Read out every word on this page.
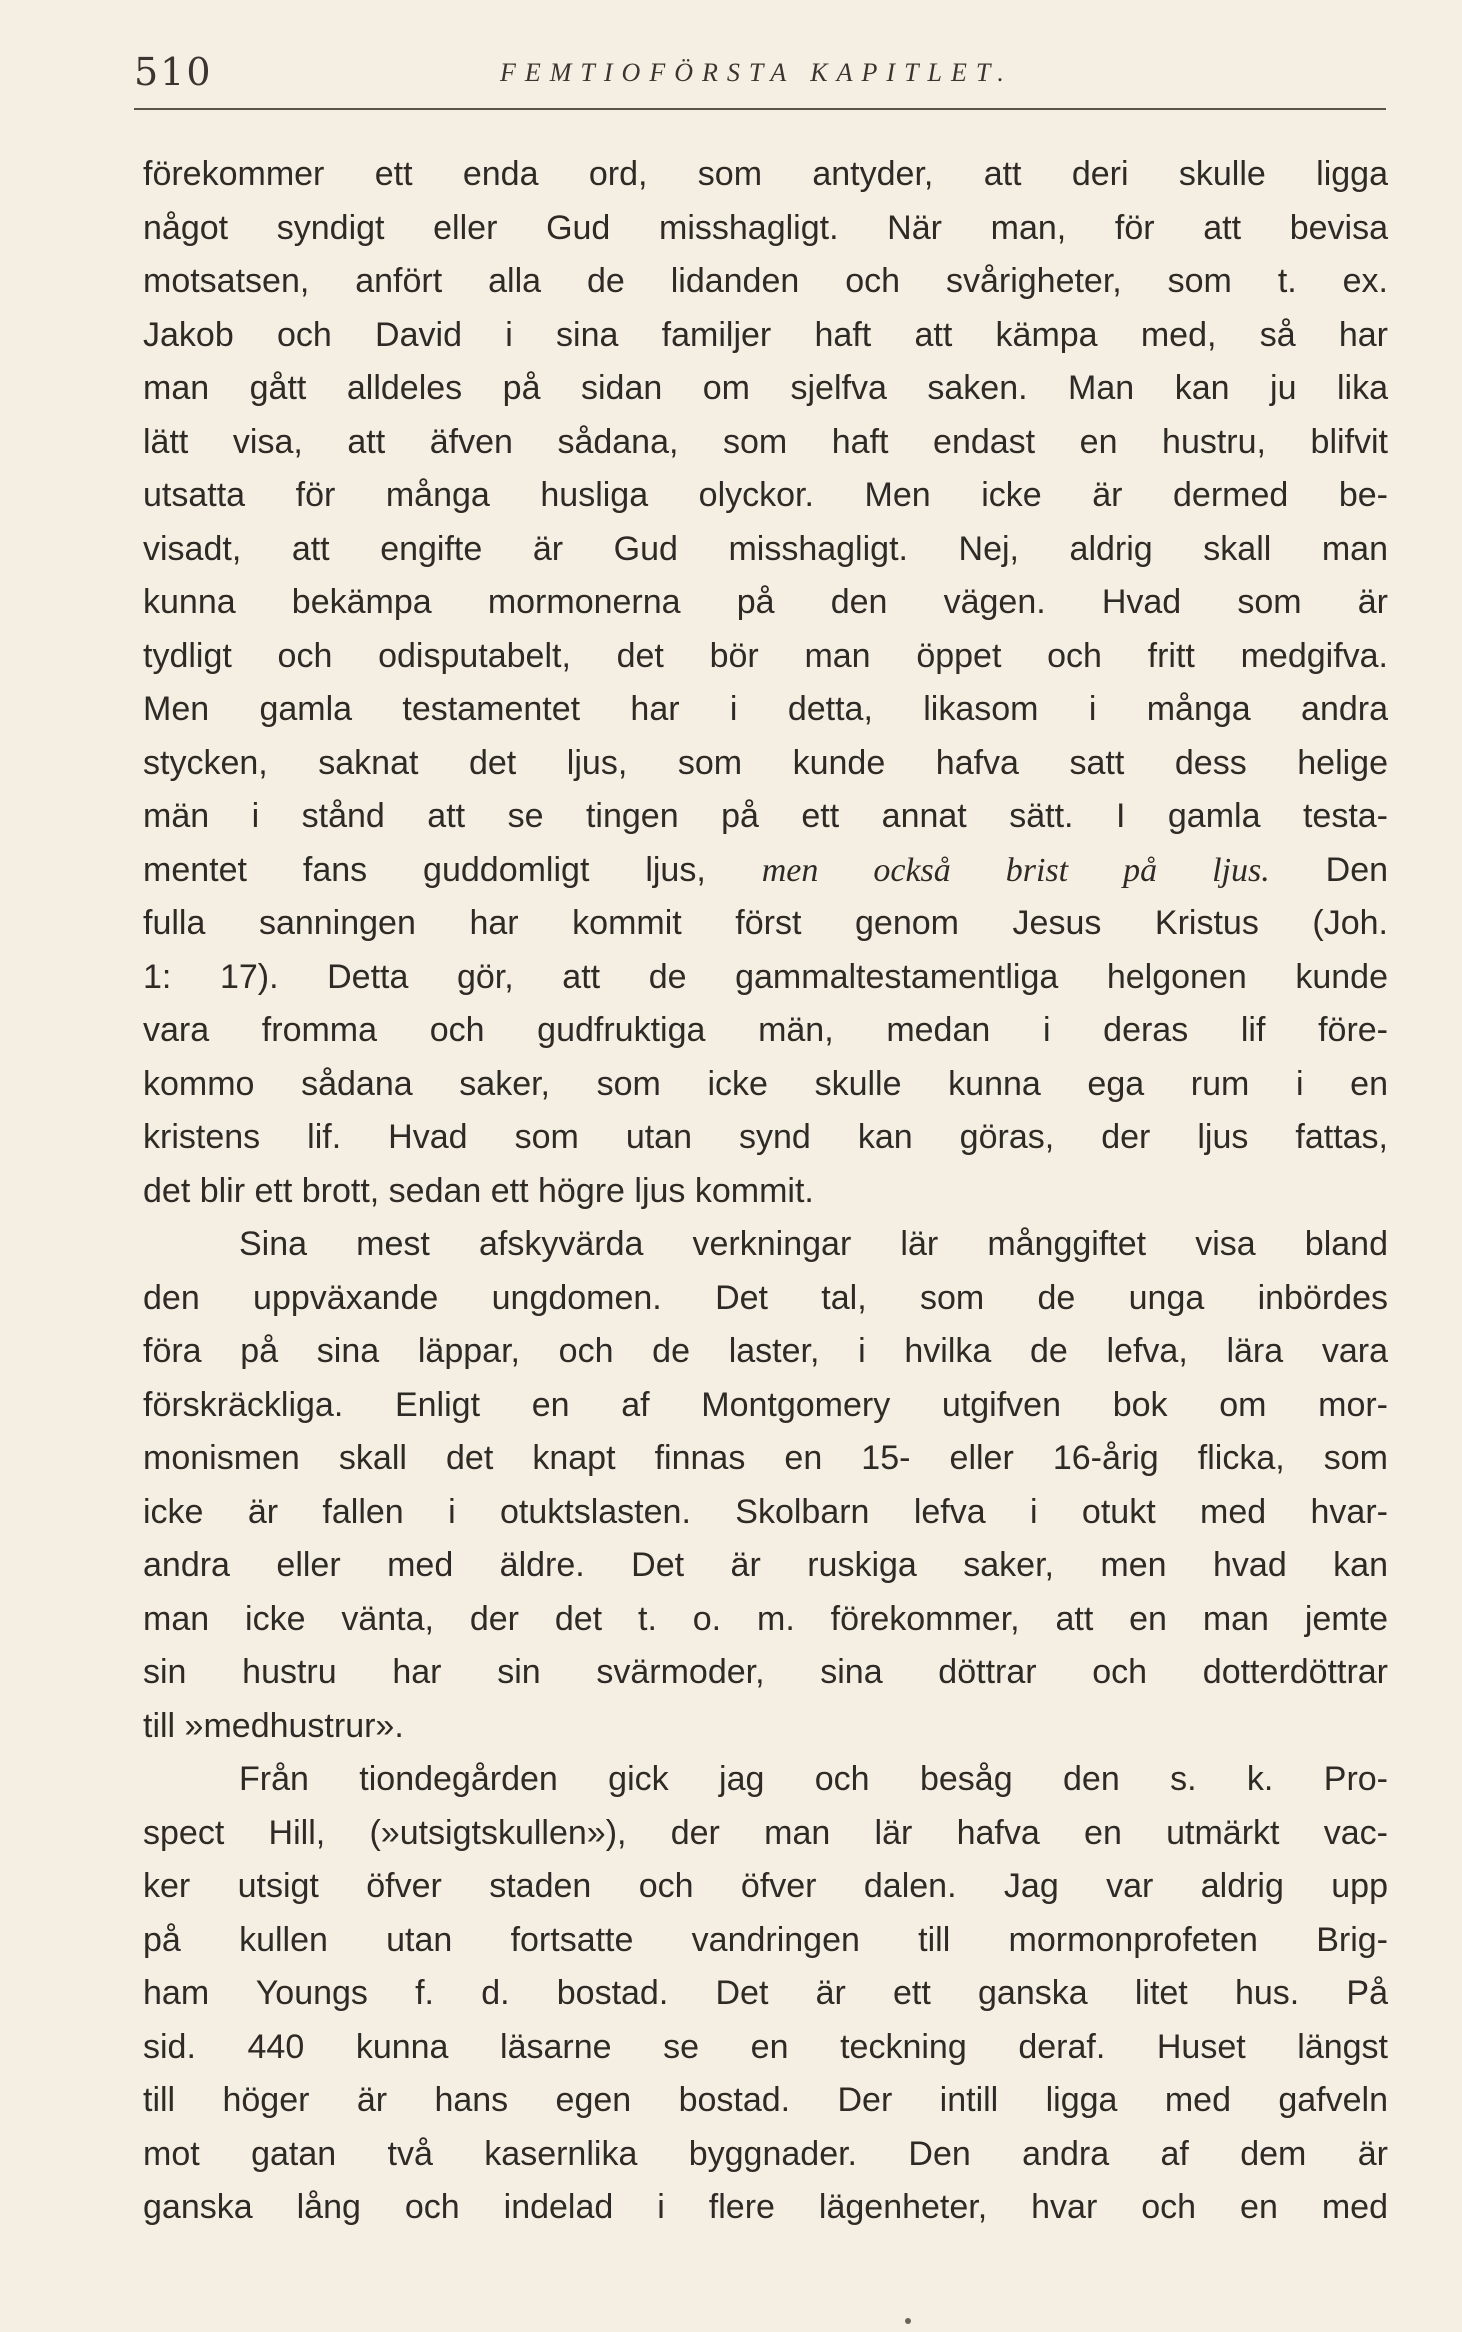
510	FEMTIOFÖRSTA KAPITLET.
förekommer ett enda ord, som antyder, att deri skulle ligga
något syndigt eller Gud misshagligt. När man, för att bevisa
motsatsen, anfört alla de lidanden och svårigheter, som t. ex.
Jakob och David i sina familjer haft att kämpa med, så har
man gått alldeles på sidan om sjelfva saken. Man kan ju lika
lätt visa, att äfven sådana, som haft endast en hustru, blifvit
utsatta för många husliga olyckor. Men icke är dermed be-
visadt, att engifte är Gud misshagligt. Nej, aldrig skall man
kunna bekämpa mormonerna på den vägen. Hvad som är
tydligt och odisputabelt, det bör man öppet och fritt medgifva.
Men gamla testamentet har i detta, likasom i många andra
stycken, saknat det ljus, som kunde hafva satt dess helige
män i stånd att se tingen på ett annat sätt. I gamla testa-
mentet fans guddomligt ljus, men också brist på ljus. Den
fulla sanningen har kommit först genom Jesus Kristus (Joh.
1: 17). Detta gör, att de gammaltestamentliga helgonen kunde
vara fromma och gudfruktiga män, medan i deras lif före-
kommo sådana saker, som icke skulle kunna ega rum i en
kristens lif. Hvad som utan synd kan göras, der ljus fattas,
det blir ett brott, sedan ett högre ljus kommit.
Sina mest afskyvärda verkningar lär månggiftet visa bland
den uppväxande ungdomen. Det tal, som de unga inbördes
föra på sina läppar, och de laster, i hvilka de lefva, lära vara
förskräckliga. Enligt en af Montgomery utgifven bok om mor-
monismen skall det knapt finnas en 15- eller 16-årig flicka, som
icke är fallen i otuktslasten. Skolbarn lefva i otukt med hvar-
andra eller med äldre. Det är ruskiga saker, men hvad kan
man icke vänta, der det t. o. m. förekommer, att en man jemte
sin hustru har sin svärmoder, sina döttrar och dotterdöttrar
till »medhustrur».
Från tiondegården gick jag och besåg den s. k. Pro-
spect Hill, (»utsigtskullen»), der man lär hafva en utmärkt vac-
ker utsigt öfver staden och öfver dalen. Jag var aldrig upp
på kullen utan fortsatte vandringen till mormonprofeten Brig-
ham Youngs f. d. bostad. Det är ett ganska litet hus. På
sid. 440 kunna läsarne se en teckning deraf. Huset längst
till höger är hans egen bostad. Der intill ligga med gafveln
mot gatan två kasernlika byggnader. Den andra af dem är
ganska lång och indelad i flere lägenheter, hvar och en med
